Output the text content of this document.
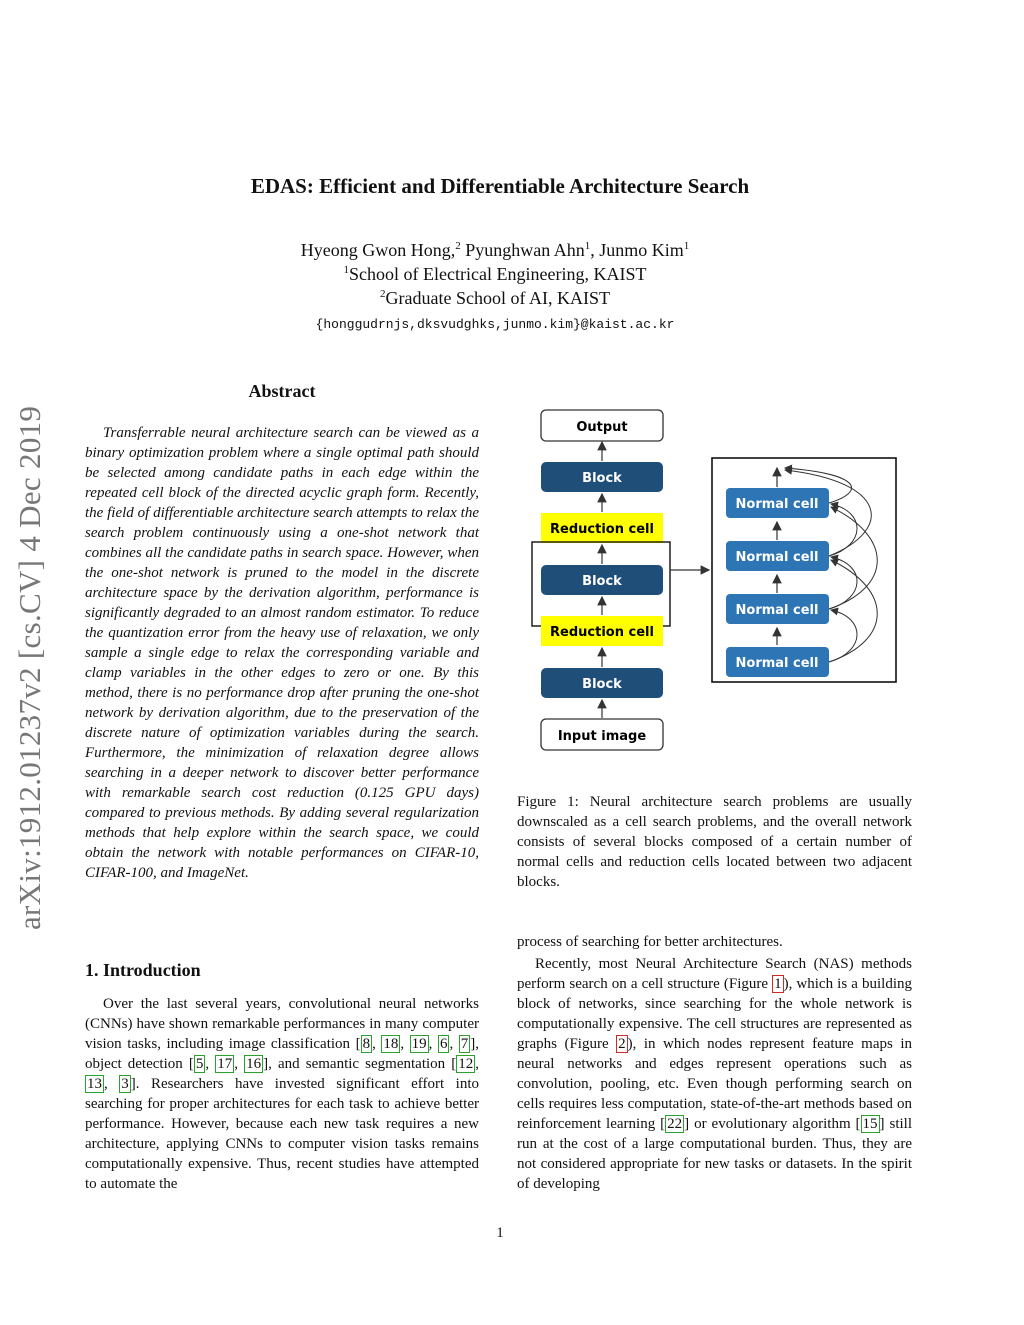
arXiv:1912.01237v2 [cs.CV] 4 Dec 2019
EDAS: Efficient and Differentiable Architecture Search
Hyeong Gwon Hong,$^2$ Pyunghwan Ahn$^1$, Junmo Kim$^1$
$^1$School of Electrical Engineering, KAIST
$^2$Graduate School of AI, KAIST
{honggudrnjs,dksvudghks,junmo.kim}@kaist.ac.kr
Abstract
Transferrable neural architecture search can be viewed as a binary optimization problem where a single optimal path should be selected among candidate paths in each edge within the repeated cell block of the directed acyclic graph form. Recently, the field of differentiable architecture search attempts to relax the search problem continuously using a one-shot network that combines all the candidate paths in search space. However, when the one-shot network is pruned to the model in the discrete architecture space by the derivation algorithm, performance is significantly degraded to an almost random estimator. To reduce the quantization error from the heavy use of relaxation, we only sample a single edge to relax the corresponding variable and clamp variables in the other edges to zero or one. By this method, there is no performance drop after pruning the one-shot network by derivation algorithm, due to the preservation of the discrete nature of optimization variables during the search. Furthermore, the minimization of relaxation degree allows searching in a deeper network to discover better performance with remarkable search cost reduction (0.125 GPU days) compared to previous methods. By adding several regularization methods that help explore within the search space, we could obtain the network with notable performances on CIFAR-10, CIFAR-100, and ImageNet.
1. Introduction
Over the last several years, convolutional neural networks (CNNs) have shown remarkable performances in many computer vision tasks, including image classification [ 8 , 18 , 19 , 6 , 7 ], object detection [ 5 , 17 , 16 ], and semantic segmentation [ 12 , 13 , 3 ]. Researchers have invested significant effort into searching for proper architectures for each task to achieve better performance. However, because each new task requires a new architecture, applying CNNs to computer vision tasks remains computationally expensive. Thus, recent studies have attempted to automate the
Output
Block
Reduction cell
Block
Reduction cell
Block
Input image
Normal cell
Normal cell
Normal cell
Normal cell
Figure 1: Neural architecture search problems are usually downscaled as a cell search problems, and the overall network consists of several blocks composed of a certain number of normal cells and reduction cells located between two adjacent blocks.
process of searching for better architectures.
Recently, most Neural Architecture Search (NAS) methods perform search on a cell structure (Figure 1 ), which is a building block of networks, since searching for the whole network is computationally expensive. The cell structures are represented as graphs (Figure 2 ), in which nodes represent feature maps in neural networks and edges represent operations such as convolution, pooling, etc. Even though performing search on cells requires less computation, state-of-the-art methods based on reinforcement learning [ 22 ] or evolutionary algorithm [ 15 ] still run at the cost of a large computational burden. Thus, they are not considered appropriate for new tasks or datasets. In the spirit of developing
1
